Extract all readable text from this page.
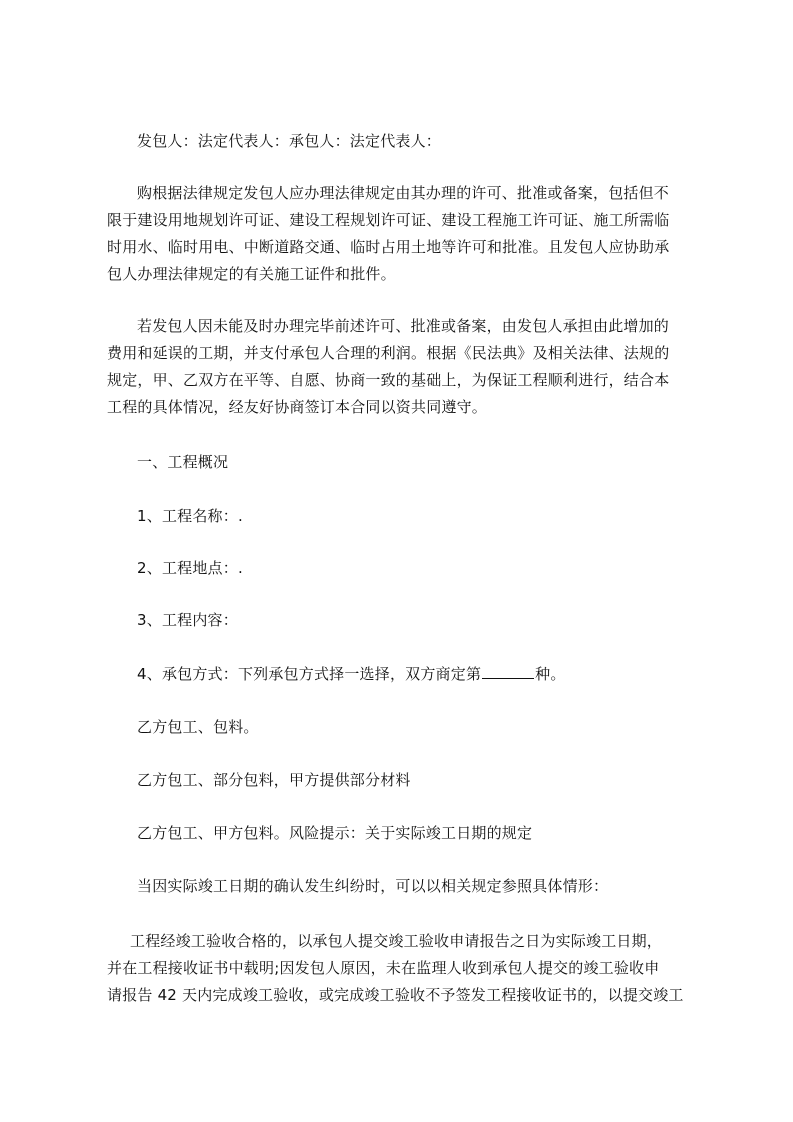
发包人：法定代表人：承包人：法定代表人：
购根据法律规定发包人应办理法律规定由其办理的许可、批准或备案，包括但不
限于建设用地规划许可证、建设工程规划许可证、建设工程施工许可证、施工所需临
时用水、临时用电、中断道路交通、临时占用土地等许可和批准。且发包人应协助承
包人办理法律规定的有关施工证件和批件。
若发包人因未能及时办理完毕前述许可、批准或备案，由发包人承担由此增加的
费用和延误的工期，并支付承包人合理的利润。根据《民法典》及相关法律、法规的
规定，甲、乙双方在平等、自愿、协商一致的基础上，为保证工程顺利进行，结合本
工程的具体情况，经友好协商签订本合同以资共同遵守。
一、工程概况
1、工程名称：.
2、工程地点：.
3、工程内容：
4、承包方式：下列承包方式择一选择，双方商定第	种。
乙方包工、包料。
乙方包工、部分包料，甲方提供部分材料
乙方包工、甲方包料。风险提示：关于实际竣工日期的规定
当因实际竣工日期的确认发生纠纷时，可以以相关规定参照具体情形：
工程经竣工验收合格的，以承包人提交竣工验收申请报告之日为实际竣工日期，
并在工程接收证书中载明;因发包人原因，未在监理人收到承包人提交的竣工验收申
请报告 42 天内完成竣工验收，或完成竣工验收不予签发工程接收证书的，以提交竣工
